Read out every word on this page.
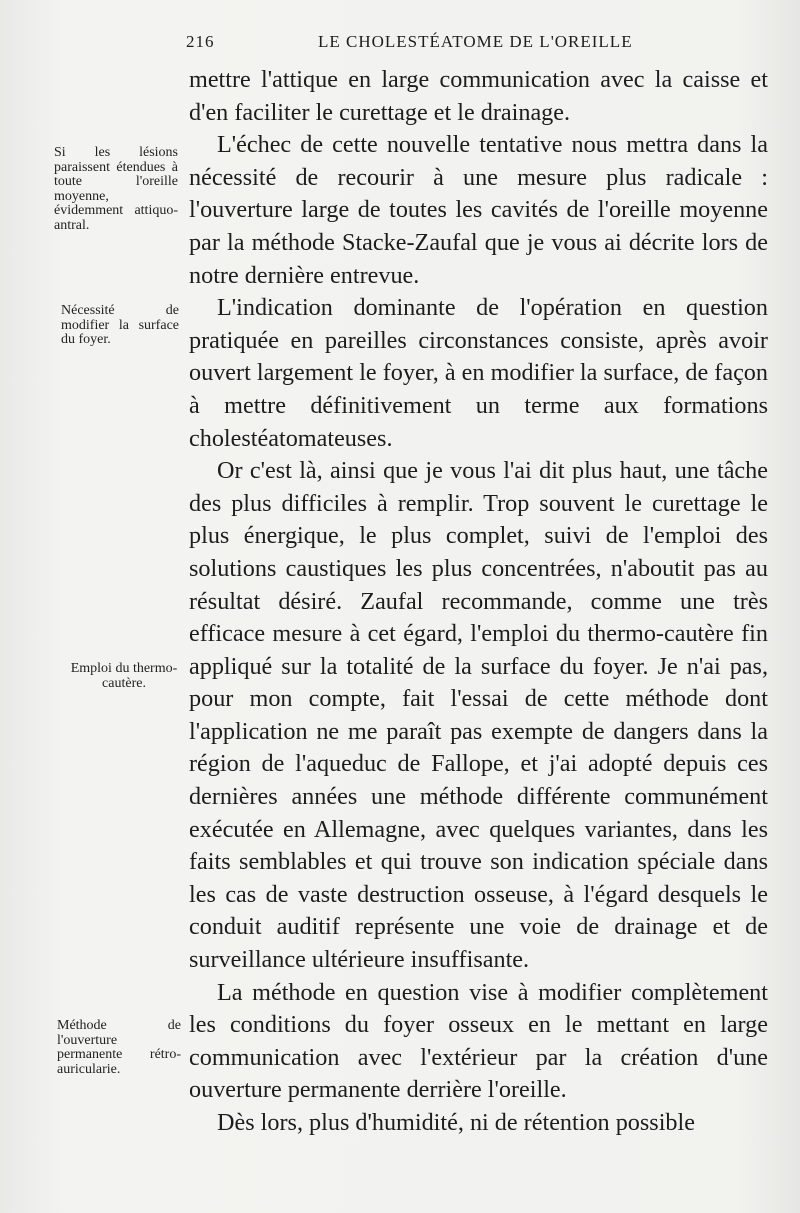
216	LE CHOLESTÉATOME DE L'OREILLE
Si les lésions paraissent étendues à toute l'oreille moyenne, évidemment attiquo-antral.
Nécessité de modifier la surface du foyer.
Emploi du thermo-cautère.
Méthode de l'ouverture permanente rétro-auricularie.

mettre l'attique en large communication avec la caisse et d'en faciliter le curettage et le drainage.

L'échec de cette nouvelle tentative nous mettra dans la nécessité de recourir à une mesure plus radicale : l'ouverture large de toutes les cavités de l'oreille moyenne par la méthode Stacke-Zaufal que je vous ai décrite lors de notre dernière entrevue.

L'indication dominante de l'opération en question pratiquée en pareilles circonstances consiste, après avoir ouvert largement le foyer, à en modifier la surface, de façon à mettre définitivement un terme aux formations cholestéatomateuses.

Or c'est là, ainsi que je vous l'ai dit plus haut, une tâche des plus difficiles à remplir. Trop souvent le curettage le plus énergique, le plus complet, suivi de l'emploi des solutions caustiques les plus concentrées, n'aboutit pas au résultat désiré. Zaufal recommande, comme une très efficace mesure à cet égard, l'emploi du thermo-cautère fin appliqué sur la totalité de la surface du foyer. Je n'ai pas, pour mon compte, fait l'essai de cette méthode dont l'application ne me paraît pas exempte de dangers dans la région de l'aqueduc de Fallope, et j'ai adopté depuis ces dernières années une méthode différente communément exécutée en Allemagne, avec quelques variantes, dans les faits semblables et qui trouve son indication spéciale dans les cas de vaste destruction osseuse, à l'égard desquels le conduit auditif représente une voie de drainage et de surveillance ultérieure insuffisante.

La méthode en question vise à modifier complètement les conditions du foyer osseux en le mettant en large communication avec l'extérieur par la création d'une ouverture permanente derrière l'oreille.

Dès lors, plus d'humidité, ni de rétention possible
